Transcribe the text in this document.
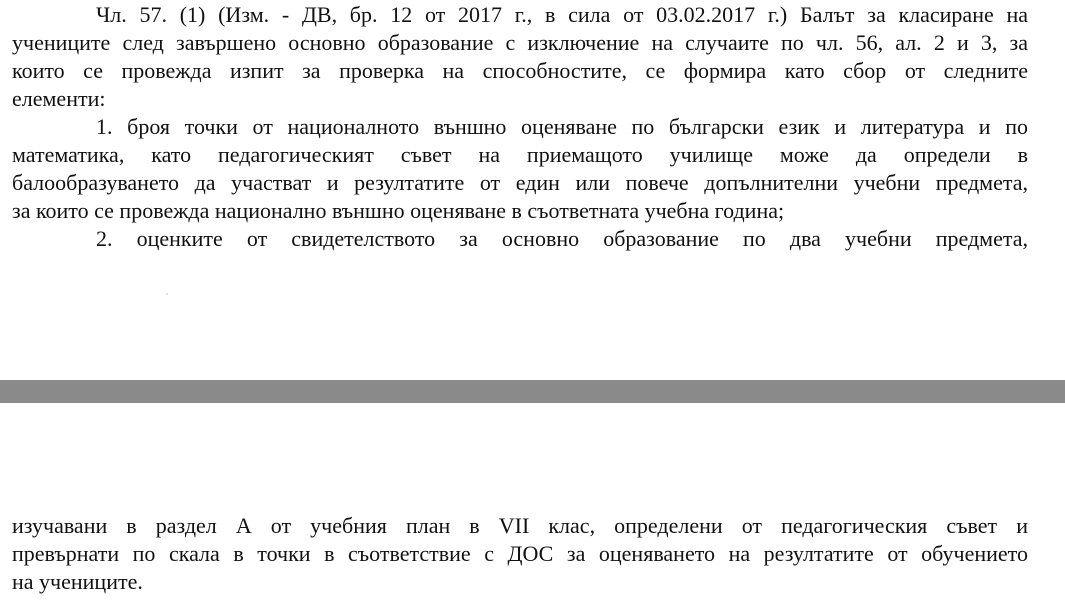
Чл. 57. (1) (Изм. - ДВ, бр. 12 от 2017 г., в сила от 03.02.2017 г.) Балът за класиране на
учениците след завършено основно образование с изключение на случаите по чл. 56, ал. 2 и 3, за
които се провежда изпит за проверка на способностите, се формира като сбор от следните
елементи:
1. броя точки от националното външно оценяване по български език и литература и по
математика, като педагогическият съвет на приемащото училище може да определи в
балообразуването да участват и резултатите от един или повече допълнителни учебни предмета,
за които се провежда национално външно оценяване в съответната учебна година;
2. оценките от свидетелството за основно образование по два учебни предмета,
изучавани в раздел А от учебния план в VII клас, определени от педагогическия съвет и
превърнати по скала в точки в съответствие с ДОС за оценяването на резултатите от обучението
на учениците.
